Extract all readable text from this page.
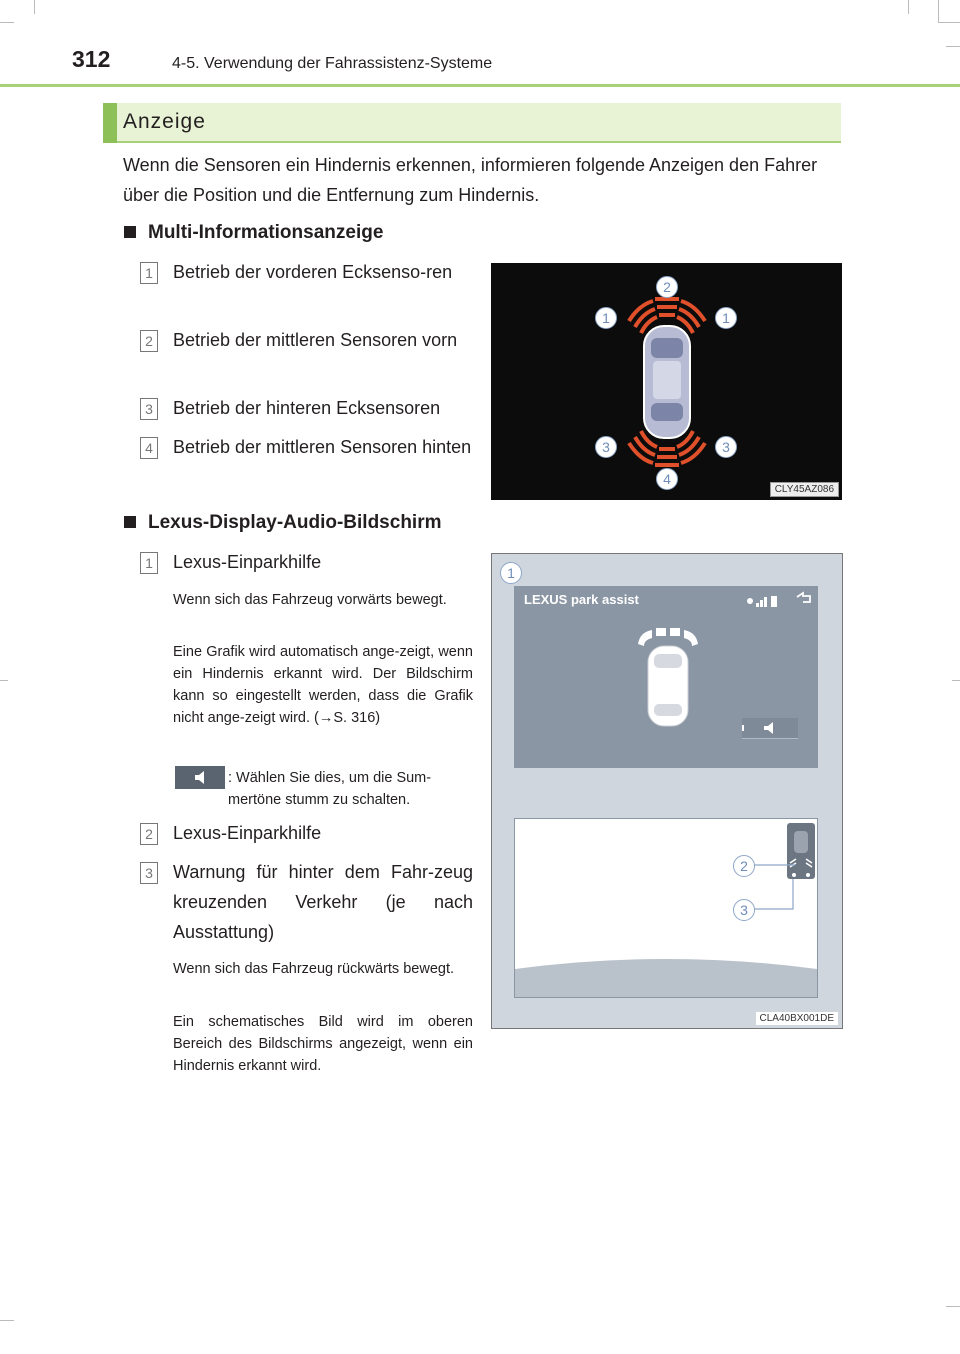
312	4-5. Verwendung der Fahrassistenz-Systeme
Anzeige
Wenn die Sensoren ein Hindernis erkennen, informieren folgende Anzeigen den Fahrer über die Position und die Entfernung zum Hindernis.
Multi-Informationsanzeige
1 Betrieb der vorderen Ecksenso-ren
2 Betrieb der mittleren Sensoren vorn
3 Betrieb der hinteren Ecksensoren
4 Betrieb der mittleren Sensoren hinten
2
1	1
3	3
4
CLY45AZ086
Lexus-Display-Audio-Bildschirm
1 Lexus-Einparkhilfe
Wenn sich das Fahrzeug vorwärts bewegt.
Eine Grafik wird automatisch ange-zeigt, wenn ein Hindernis erkannt wird. Der Bildschirm kann so eingestellt werden, dass die Grafik nicht ange-zeigt wird. (→S. 316)
: Wählen Sie dies, um die Sum-mertöne stumm zu schalten.
2 Lexus-Einparkhilfe
3 Warnung für hinter dem Fahr-zeug kreuzenden Verkehr (je nach Ausstattung)
Wenn sich das Fahrzeug rückwärts bewegt.
Ein schematisches Bild wird im oberen Bereich des Bildschirms angezeigt, wenn ein Hindernis erkannt wird.
1
LEXUS park assist
2
3
CLA40BX001DE
